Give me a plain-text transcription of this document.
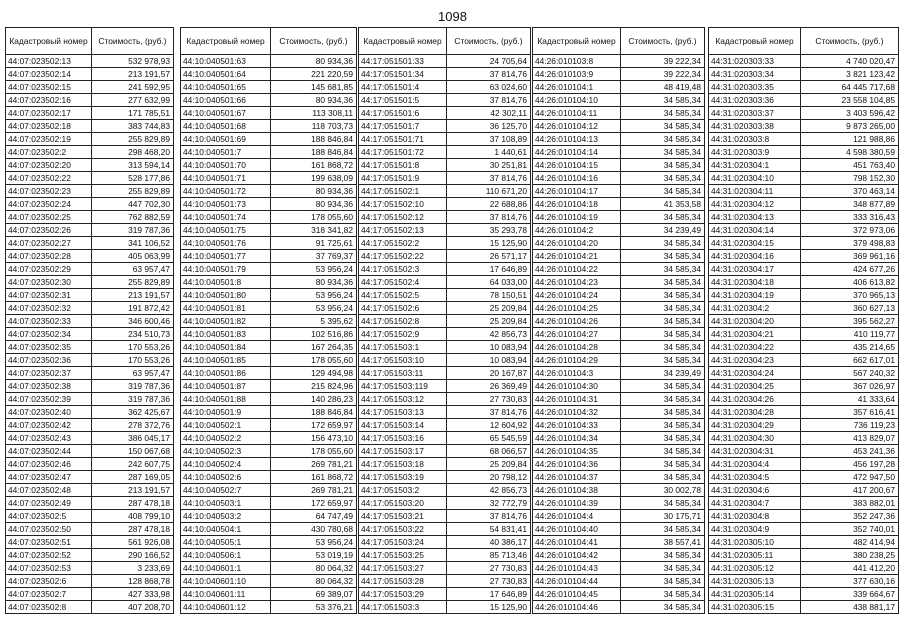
1098
Кадастровый номер	Стоимость, (руб.)
44:07:023502:13	532 978,93
44:07:023502:14	213 191,57
44:07:023502:15	241 592,95
44:07:023502:16	277 632,99
44:07:023502:17	171 785,51
44:07:023502:18	383 744,83
44:07:023502:19	255 829,89
44:07:023502:2	298 468,20
44:07:023502:20	313 594,14
44:07:023502:22	528 177,86
44:07:023502:23	255 829,89
44:07:023502:24	447 702,30
44:07:023502:25	762 882,59
44:07:023502:26	319 787,36
44:07:023502:27	341 106,52
44:07:023502:28	405 063,99
44:07:023502:29	63 957,47
44:07:023502:30	255 829,89
44:07:023502:31	213 191,57
44:07:023502:32	191 872,42
44:07:023502:33	346 600,46
44:07:023502:34	234 510,73
44:07:023502:35	170 553,26
44:07:023502:36	170 553,26
44:07:023502:37	63 957,47
44:07:023502:38	319 787,36
44:07:023502:39	319 787,36
44:07:023502:40	362 425,67
44:07:023502:42	278 372,76
44:07:023502:43	386 045,17
44:07:023502:44	150 067,68
44:07:023502:46	242 607,75
44:07:023502:47	287 169,05
44:07:023502:48	213 191,57
44:07:023502:49	287 478,18
44:07:023502:5	408 799,10
44:07:023502:50	287 478,18
44:07:023502:51	561 926,08
44:07:023502:52	290 166,52
44:07:023502:53	3 233,69
44:07:023502:6	128 868,78
44:07:023502:7	427 333,98
44:07:023502:8	407 208,70
Кадастровый номер	Стоимость, (руб.)
44:10:040501:63	80 934,36
44:10:040501:64	221 220,59
44:10:040501:65	145 681,85
44:10:040501:66	80 934,36
44:10:040501:67	113 308,11
44:10:040501:68	118 703,73
44:10:040501:69	188 846,84
44:10:040501:7	188 846,84
44:10:040501:70	161 868,72
44:10:040501:71	199 638,09
44:10:040501:72	80 934,36
44:10:040501:73	80 934,36
44:10:040501:74	178 055,60
44:10:040501:75	318 341,82
44:10:040501:76	91 725,61
44:10:040501:77	37 769,37
44:10:040501:79	53 956,24
44:10:040501:8	80 934,36
44:10:040501:80	53 956,24
44:10:040501:81	53 956,24
44:10:040501:82	5 395,62
44:10:040501:83	102 516,86
44:10:040501:84	167 264,35
44:10:040501:85	178 055,60
44:10:040501:86	129 494,98
44:10:040501:87	215 824,96
44:10:040501:88	140 286,23
44:10:040501:9	188 846,84
44:10:040502:1	172 659,97
44:10:040502:2	156 473,10
44:10:040502:3	178 055,60
44:10:040502:4	269 781,21
44:10:040502:6	161 868,72
44:10:040502:7	269 781,21
44:10:040503:1	172 659,97
44:10:040503:2	64 747,49
44:10:040504:1	430 780,68
44:10:040505:1	53 956,24
44:10:040506:1	53 019,19
44:10:040601:1	80 064,32
44:10:040601:10	80 064,32
44:10:040601:11	69 389,07
44:10:040601:12	53 376,21
Кадастровый номер	Стоимость, (руб.)
44:17:051501:33	24 705,64
44:17:051501:34	37 814,76
44:17:051501:4	63 024,60
44:17:051501:5	37 814,76
44:17:051501:6	42 302,11
44:17:051501:7	36 125,70
44:17:051501:71	37 108,89
44:17:051501:72	1 440,61
44:17:051501:8	30 251,81
44:17:051501:9	37 814,76
44:17:051502:1	110 671,20
44:17:051502:10	22 688,86
44:17:051502:12	37 814,76
44:17:051502:13	35 293,78
44:17:051502:2	15 125,90
44:17:051502:22	26 571,17
44:17:051502:3	17 646,89
44:17:051502:4	64 033,00
44:17:051502:5	78 150,51
44:17:051502:6	25 209,84
44:17:051502:8	25 209,84
44:17:051502:9	42 856,73
44:17:051503:1	10 083,94
44:17:051503:10	10 083,94
44:17:051503:11	20 167,87
44:17:051503:119	26 369,49
44:17:051503:12	27 730,83
44:17:051503:13	37 814,76
44:17:051503:14	12 604,92
44:17:051503:16	65 545,59
44:17:051503:17	68 066,57
44:17:051503:18	25 209,84
44:17:051503:19	20 798,12
44:17:051503:2	42 856,73
44:17:051503:20	32 772,79
44:17:051503:21	37 814,76
44:17:051503:22	54 831,41
44:17:051503:24	40 386,17
44:17:051503:25	85 713,46
44:17:051503:27	27 730,83
44:17:051503:28	27 730,83
44:17:051503:29	17 646,89
44:17:051503:3	15 125,90
Кадастровый номер	Стоимость, (руб.)
44:26:010103:8	39 222,34
44:26:010103:9	39 222,34
44:26:010104:1	48 419,48
44:26:010104:10	34 585,34
44:26:010104:11	34 585,34
44:26:010104:12	34 585,34
44:26:010104:13	34 585,34
44:26:010104:14	34 585,34
44:26:010104:15	34 585,34
44:26:010104:16	34 585,34
44:26:010104:17	34 585,34
44:26:010104:18	41 353,58
44:26:010104:19	34 585,34
44:26:010104:2	34 239,49
44:26:010104:20	34 585,34
44:26:010104:21	34 585,34
44:26:010104:22	34 585,34
44:26:010104:23	34 585,34
44:26:010104:24	34 585,34
44:26:010104:25	34 585,34
44:26:010104:26	34 585,34
44:26:010104:27	34 585,34
44:26:010104:28	34 585,34
44:26:010104:29	34 585,34
44:26:010104:3	34 239,49
44:26:010104:30	34 585,34
44:26:010104:31	34 585,34
44:26:010104:32	34 585,34
44:26:010104:33	34 585,34
44:26:010104:34	34 585,34
44:26:010104:35	34 585,34
44:26:010104:36	34 585,34
44:26:010104:37	34 585,34
44:26:010104:38	30 002,78
44:26:010104:39	34 585,34
44:26:010104:4	30 175,71
44:26:010104:40	34 585,34
44:26:010104:41	38 557,41
44:26:010104:42	34 585,34
44:26:010104:43	34 585,34
44:26:010104:44	34 585,34
44:26:010104:45	34 585,34
44:26:010104:46	34 585,34
Кадастровый номер	Стоимость, (руб.)
44:31:020303:33	4 740 020,47
44:31:020303:34	3 821 123,42
44:31:020303:35	64 445 717,68
44:31:020303:36	23 558 104,85
44:31:020303:37	3 403 596,42
44:31:020303:38	9 873 265,00
44:31:020303:8	121 988,86
44:31:020303:9	4 598 380,59
44:31:020304:1	451 763,40
44:31:020304:10	798 152,30
44:31:020304:11	370 463,14
44:31:020304:12	348 877,89
44:31:020304:13	333 316,43
44:31:020304:14	372 973,06
44:31:020304:15	379 498,83
44:31:020304:16	369 961,16
44:31:020304:17	424 677,26
44:31:020304:18	406 613,82
44:31:020304:19	370 965,13
44:31:020304:2	360 627,13
44:31:020304:20	395 562,27
44:31:020304:21	410 119,77
44:31:020304:22	435 214,65
44:31:020304:23	662 617,01
44:31:020304:24	567 240,32
44:31:020304:25	367 026,97
44:31:020304:26	41 333,64
44:31:020304:28	357 616,41
44:31:020304:29	736 119,23
44:31:020304:30	413 829,07
44:31:020304:31	453 241,36
44:31:020304:4	456 197,28
44:31:020304:5	472 947,50
44:31:020304:6	417 200,67
44:31:020304:7	383 882,01
44:31:020304:8	352 247,36
44:31:020304:9	352 740,01
44:31:020305:10	482 414,94
44:31:020305:11	380 238,25
44:31:020305:12	441 412,20
44:31:020305:13	377 630,16
44:31:020305:14	339 664,67
44:31:020305:15	438 881,17
